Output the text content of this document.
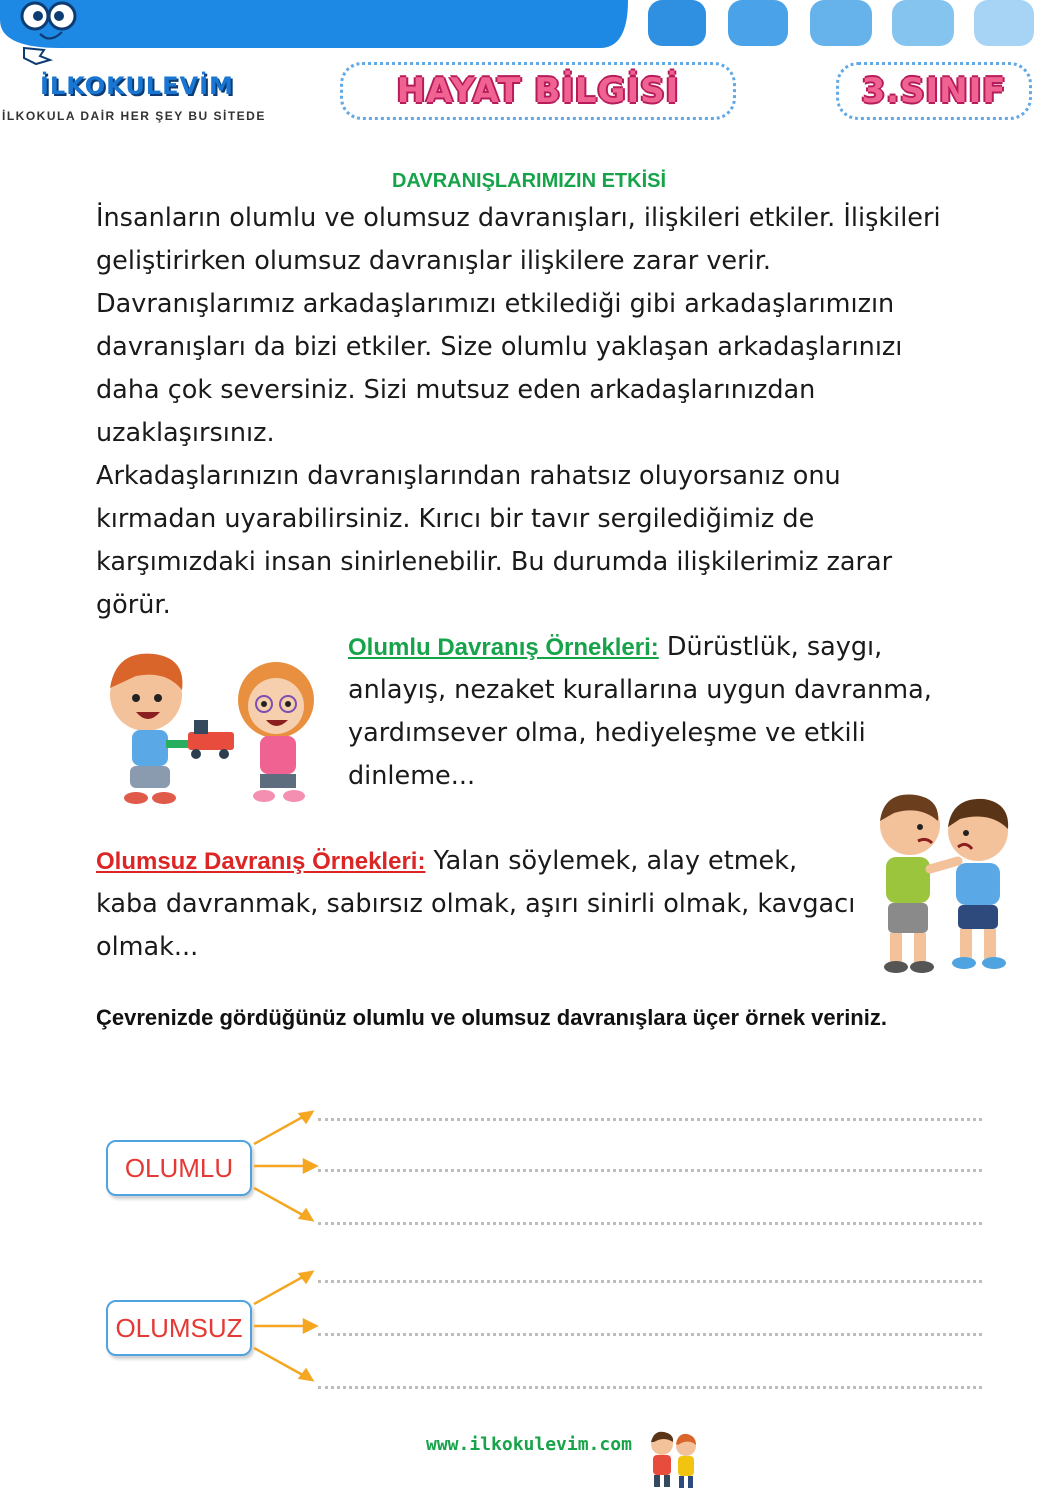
İLKOKULEVİM
İLKOKULA DAİR HER ŞEY BU SİTEDE
HAYAT BİLGİSİ	3.SINIF
DAVRANIŞLARIMIZIN ETKİSİ

İnsanların olumlu ve olumsuz davranışları, ilişkileri etkiler. İlişkileri geliştirirken olumsuz davranışlar ilişkilere zarar verir. Davranışlarımız arkadaşlarımızı etkilediği gibi arkadaşlarımızın davranışları da bizi etkiler. Size olumlu yaklaşan arkadaşlarınızı daha çok seversiniz. Sizi mutsuz eden arkadaşlarınızdan uzaklaşırsınız.

Arkadaşlarınızın davranışlarından rahatsız oluyorsanız onu kırmadan uyarabilirsiniz. Kırıcı bir tavır sergilediğimiz de karşımızdaki insan sinirlenebilir. Bu durumda ilişkilerimiz zarar görür.

Olumlu Davranış Örnekleri: Dürüstlük, saygı, anlayış, nezaket kurallarına uygun davranma, yardımsever olma, hediyeleşme ve etkili dinleme...

Olumsuz Davranış Örnekleri: Yalan söylemek, alay etmek, kaba davranmak, sabırsız olmak, aşırı sinirli olmak, kavgacı olmak...

Çevrenizde gördüğünüz olumlu ve olumsuz davranışlara üçer örnek veriniz.

OLUMLU
OLUMSUZ
www.ilkokulevim.com
